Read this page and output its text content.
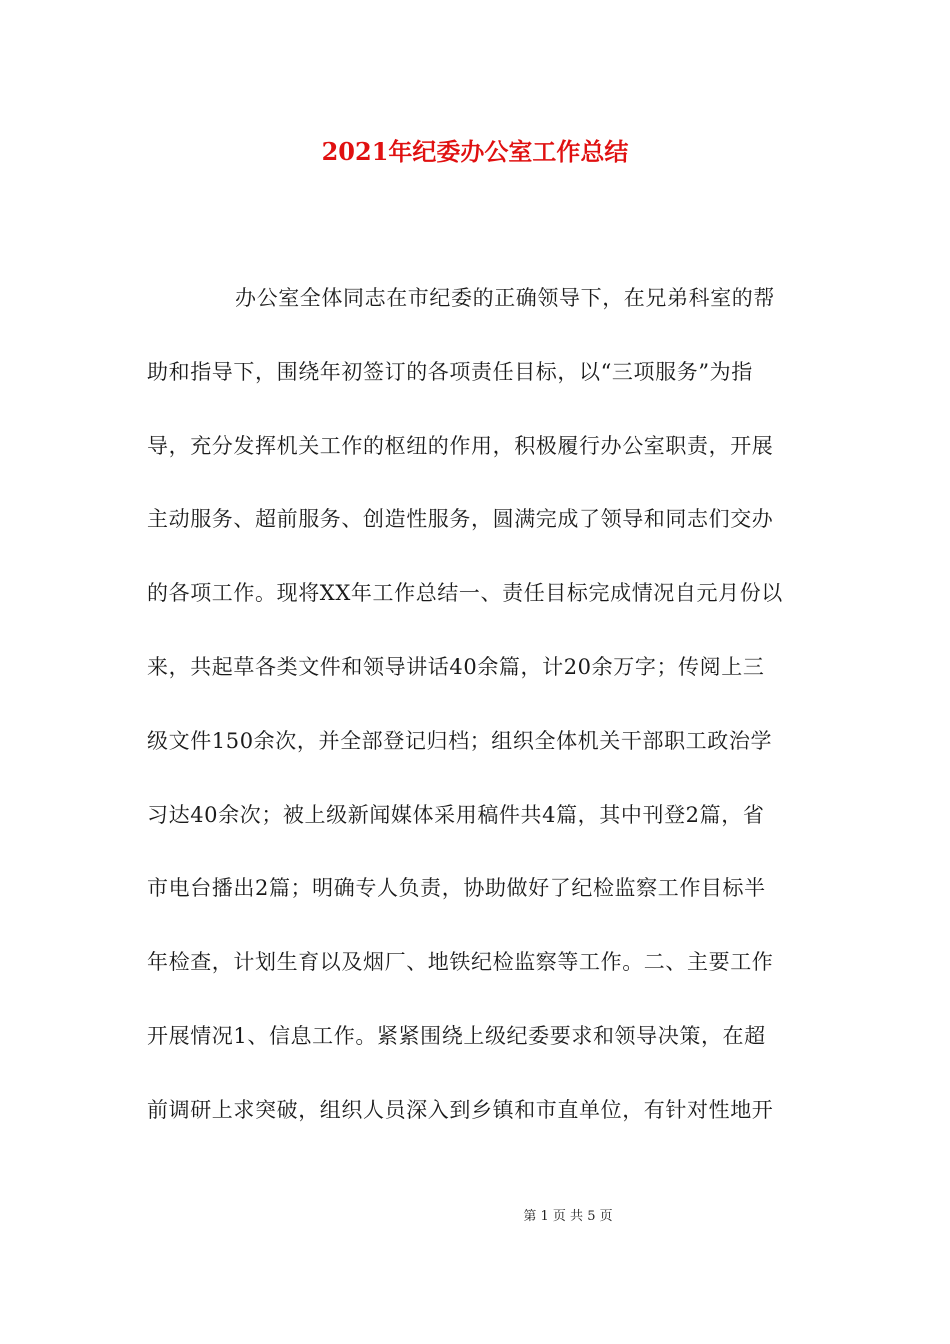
2021年纪委办公室工作总结
办公室全体同志在市纪委的正确领导下，在兄弟科室的帮
助和指导下，围绕年初签订的各项责任目标，以“三项服务”为指
导，充分发挥机关工作的枢纽的作用，积极履行办公室职责，开展
主动服务、超前服务、创造性服务，圆满完成了领导和同志们交办
的各项工作。现将XX年工作总结一、责任目标完成情况自元月份以
来，共起草各类文件和领导讲话40余篇，计20余万字；传阅上三
级文件150余次，并全部登记归档；组织全体机关干部职工政治学
习达40余次；被上级新闻媒体采用稿件共4篇，其中刊登2篇，省
市电台播出2篇；明确专人负责，协助做好了纪检监察工作目标半
年检查，计划生育以及烟厂、地铁纪检监察等工作。二、主要工作
开展情况1、信息工作。紧紧围绕上级纪委要求和领导决策，在超
前调研上求突破，组织人员深入到乡镇和市直单位，有针对性地开
第 1 页 共 5 页
